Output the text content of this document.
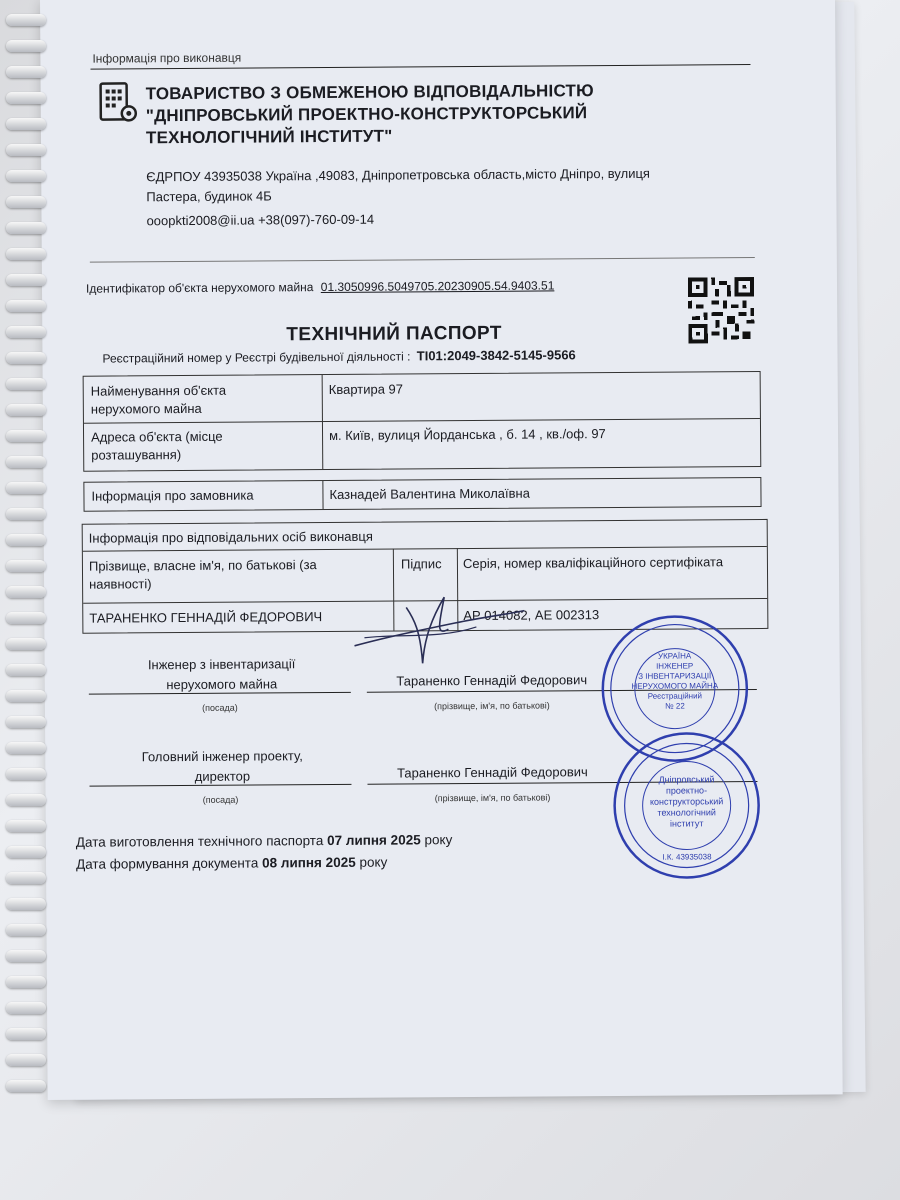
Інформація про виконавця
ТОВАРИСТВО З ОБМЕЖЕНОЮ ВІДПОВІДАЛЬНІСТЮ
"ДНІПРОВСЬКИЙ ПРОЕКТНО-КОНСТРУКТОРСЬКИЙ
ТЕХНОЛОГІЧНИЙ ІНСТИТУТ"
ЄДРПОУ 43935038 Україна ,49083, Дніпропетровська область,місто Дніпро, вулиця
Пастера, будинок 4Б
ooopkti2008@ii.ua +38(097)-760-09-14
Ідентифікатор об'єкта нерухомого майна 01.3050996.5049705.20230905.54.9403.51
ТЕХНІЧНИЙ ПАСПОРТ
Реєстраційний номер у Реєстрі будівельної діяльності : ТІ01:2049-3842-5145-9566
Найменування об'єкта
нерухомого майна
Квартира 97
Адреса об'єкта (місце
розташування)
м. Київ, вулиця Йорданська , б. 14 , кв./оф. 97
Інформація про замовника	Казнадей Валентина Миколаївна
Інформація про відповідальних осіб виконавця
Прізвище, власне ім'я, по батькові (за
наявності)
Підпис Серія, номер кваліфікаційного сертифіката
ТАРАНЕНКО ГЕННАДІЙ ФЕДОРОВИЧ	АР 014082, АЕ 002313
Інженер з інвентаризації
нерухомого майна
(посада)
Тараненко Геннадій Федорович
(прізвище, ім'я, по батькові)
Головний інженер проекту,
директор
(посада)
Тараненко Геннадій Федорович
(прізвище, ім'я, по батькові)
Дата виготовлення технічного паспорта 07 липня 2025 року
Дата формування документа 08 липня 2025 року
УКРАЇНА
ІНЖЕНЕР
З ІНВЕНТАРИЗАЦІЇ
НЕРУХОМОГО МАЙНА
Реєстраційний
№ 22
Дніпровський
проектно-
конструкторський
технологічний
інститут
І.К. 43935038
